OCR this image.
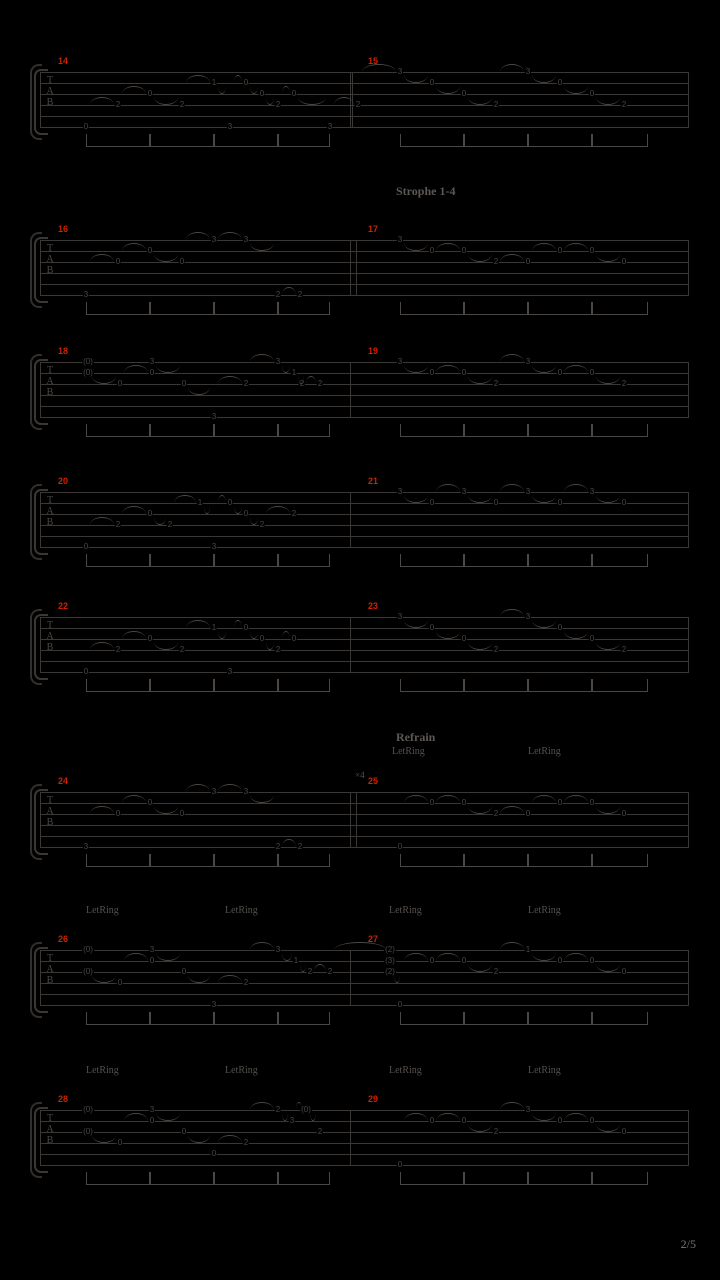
T
A
B
14	15
0
2
0
2
1
3
0
0
2
0
3
2
3
0
0
2
3
0
0
2
T
A
B
16	17
3
0
0
0
3	3
2 2
3
0	0
2	0
0	0
0
T
A
B
18	19
(0)
(0)
0
0
3
0
3
2
3
1
2 2
3
0	0
2
3
0	0
2
T
A
B
20	21
0
2
0
2
1
3
0
0
2
2
3
0
3
0
3
0
3
0
T
A
B
22	23
0
2
0
2
1
3
0
0
2
0
3
0
0
2
3
0
0
2
T
A
B
24	25
3
0
0
0
3	3
2 2	0
0	0
2	0
0	0
0
T
A
B
26	27
(0)
(0)
0
0
3
0
3
2
3
1
2 2
(2)
(3)
(2)
0
0	0
2
1
0	0
0
T
A
B
28	29
(0)
(0)
0
0
3
0
0
2
2
3
(0)
2
0
0	0
2
3
0	0
0
Strophe 1-4
Refrain
LetRing	LetRing
LetRing	LetRing	LetRing	LetRing
LetRing	LetRing	LetRing	LetRing
×4
2/5
